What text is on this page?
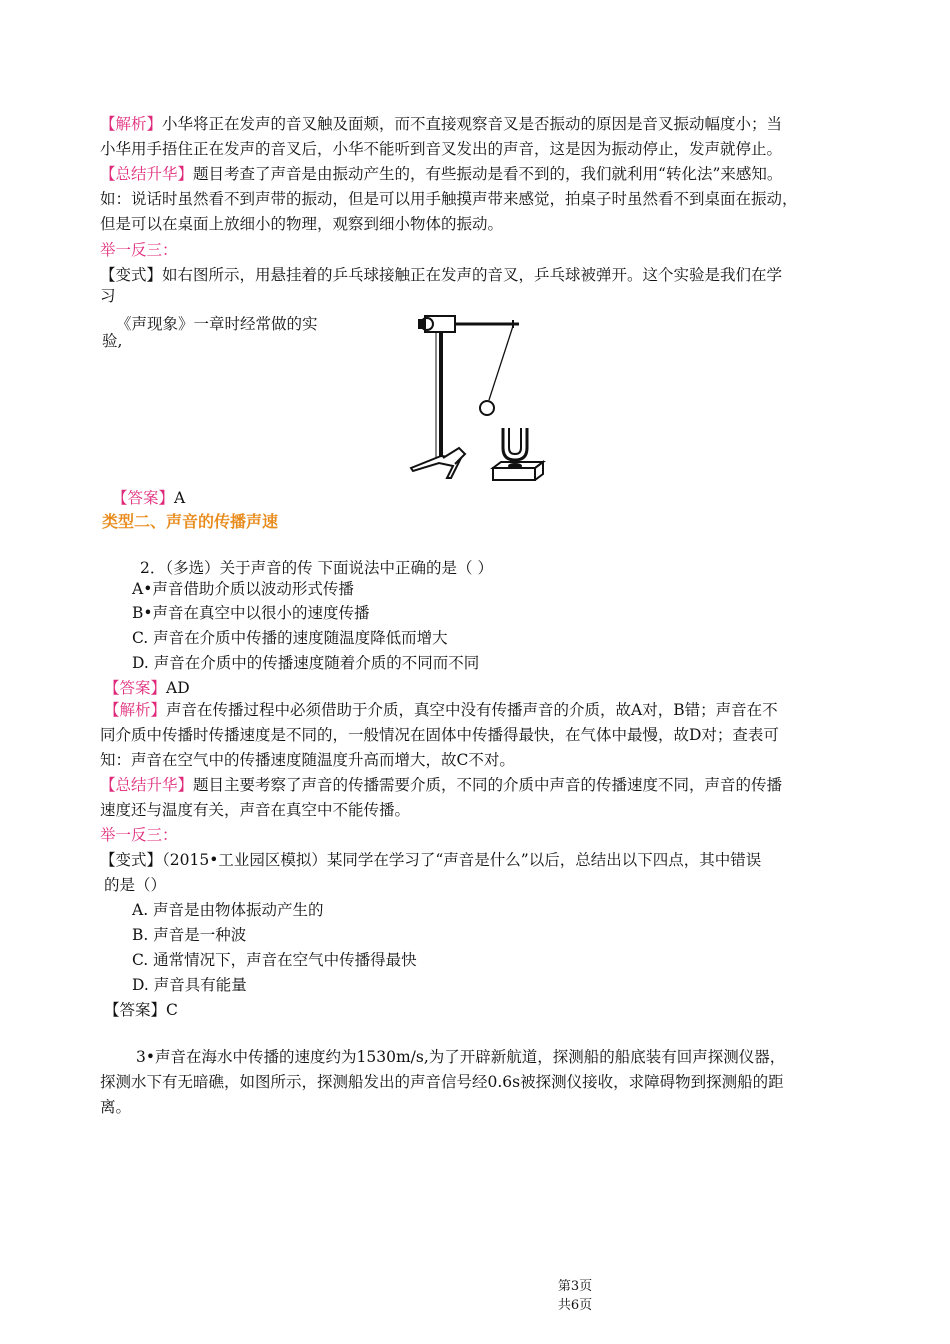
【解析】小华将正在发声的音叉触及面颊，而不直接观察音叉是否振动的原因是音叉振动幅度小；当
小华用手捂住正在发声的音叉后，小华不能听到音叉发出的声音，这是因为振动停止，发声就停止。
【总结升华】题目考查了声音是由振动产生的，有些振动是看不到的，我们就利用“转化法”来感知。
如：说话时虽然看不到声带的振动，但是可以用手触摸声带来感觉，拍桌子时虽然看不到桌面在振动，
但是可以在桌面上放细小的物理，观察到细小物体的振动。
举一反三：
【变式】如右图所示，用悬挂着的乒乓球接触正在发声的音叉，乒乓球被弹开。这个实验是我们在学
习
《声现象》一章时经常做的实
验,
【答案】A
类型二、声音的传播声速
2．（多选）关于声音的传 下面说法中正确的是（ ）
A•声音借助介质以波动形式传播
B•声音在真空中以很小的速度传播
C. 声音在介质中传播的速度随温度降低而增大
D. 声音在介质中的传播速度随着介质的不同而不同
【答案】AD
【解析】声音在传播过程中必须借助于介质，真空中没有传播声音的介质，故A对，B错；声音在不
同介质中传播时传播速度是不同的，一般情况在固体中传播得最快，在气体中最慢，故D对；查表可
知：声音在空气中的传播速度随温度升高而增大，故C不对。
【总结升华】题目主要考察了声音的传播需要介质，不同的介质中声音的传播速度不同，声音的传播
速度还与温度有关，声音在真空中不能传播。
举一反三：
【变式】（2015•工业园区模拟）某同学在学习了“声音是什么”以后，总结出以下四点，其中错误
的是（）
A. 声音是由物体振动产生的
B. 声音是一种波
C. 通常情况下，声音在空气中传播得最快
D. 声音具有能量
【答案】C
3•声音在海水中传播的速度约为1530m/s,为了开辟新航道，探测船的船底装有回声探测仪器，
探测水下有无暗礁，如图所示，探测船发出的声音信号经0.6s被探测仪接收，求障碍物到探测船的距
离。
第3页
共6页
